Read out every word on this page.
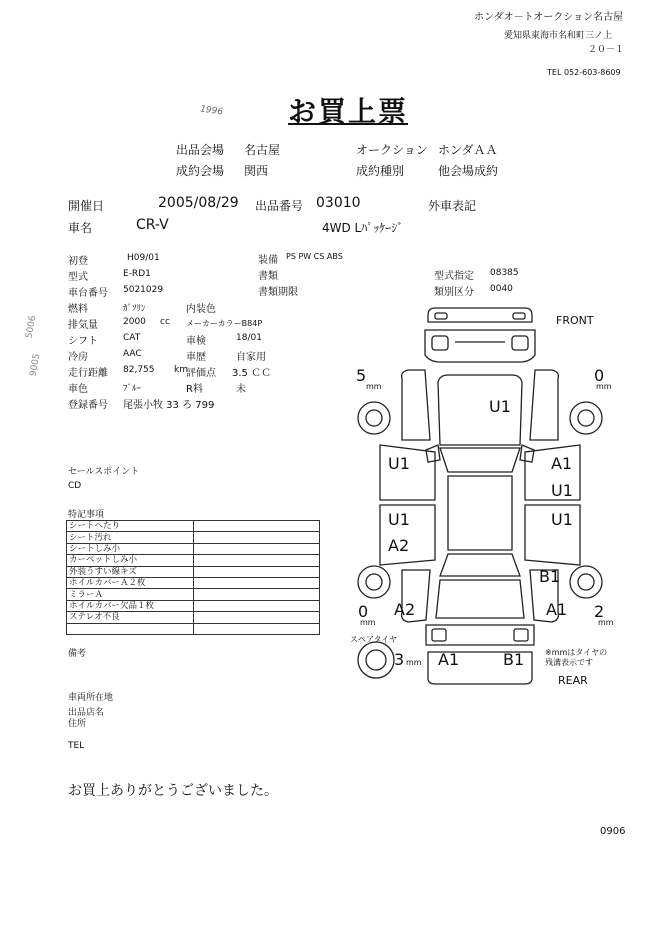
ホンダオ－トオークション名古屋
愛知県東海市名和町三ノ上
２０－１
TEL 052-603-8609
お買上票
1996
出品会場 名古屋
成約会場 関西
オークション ホンダＡＡ
成約種別	他会場成約
開催日	2005/08/29 出品番号 03010	外車表記
車名	CR-V	4WD Lﾊﾟｯｹｰｼﾞ
初登	H09/01
型式	E-RD1
車台番号 5021029
燃料	ｶﾞｿﾘﾝ	内装色
排気量	2000 cc メーカーカラーB84P
シフト	CAT	車検	18/01
冷房	AAC	車歴	自家用
走行距離 82,755 km
評価点 3.5 ＣＣ
車色	ﾌﾞﾙｰ	R料	未
登録番号 尾張小牧 33 ろ 799
装備 PS PW CS ABS
書類
書類期限
型式指定 08385
類別区分 0040
セールスポイント
CD
特記事項
シートへたり	
シート汚れ	
シートしみ小	
カーペットしみ小	
外装うすい線キズ	
ホイルカバーＡ２枚	
ミラーＡ	
ホイルカバー欠品１枚	
ステレオ不良	

備考
車両所在地
出品店名
住所
TEL
お買上ありがとうございました。
0906
5006
9005
FRONT
REAR
5
mm
0
mm
0
mm
2
mm
スペアタイヤ
3 mm
※mmはタイヤの
残溝表示です
U1
U1
U1
A2
A1
U1
U1
B1
A2	A1
A1	B1
